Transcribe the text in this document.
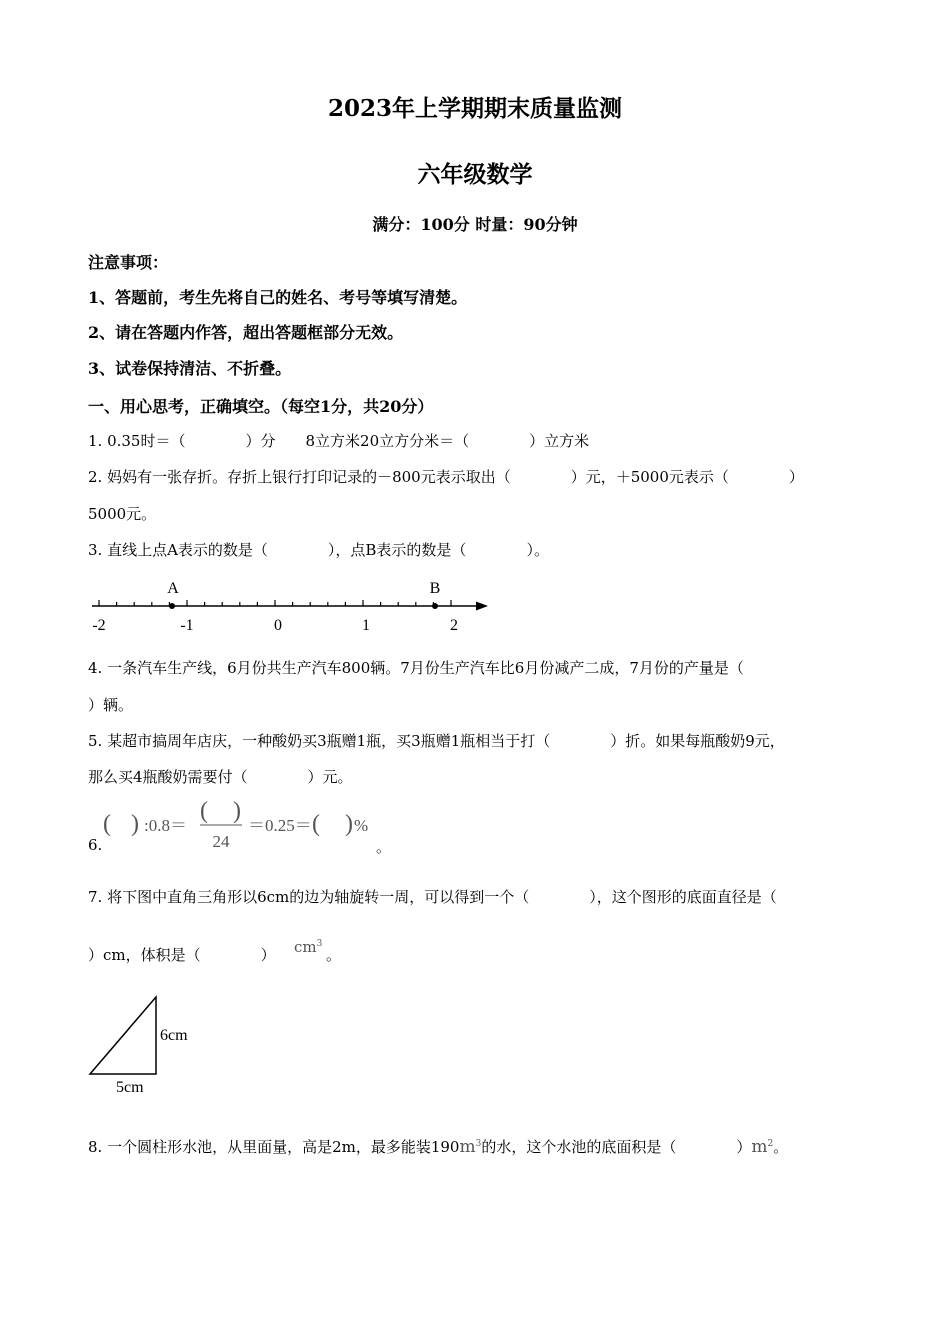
2023年上学期期末质量监测
六年级数学
满分：100分 时量：90分钟
注意事项：
1、答题前，考生先将自己的姓名、考号等填写清楚。
2、请在答题内作答，超出答题框部分无效。
3、试卷保持清洁、不折叠。
一、用心思考，正确填空。（每空1分，共20分）
1. 0.35时＝（　　　　）分　　8立方米20立方分米＝（　　　　）立方米
2. 妈妈有一张存折。存折上银行打印记录的－800元表示取出（　　　　）元，＋5000元表示（　　　　）
5000元。
3. 直线上点A表示的数是（　　　　），点B表示的数是（　　　　）。
A	B
-2	-1	0	1	2
4. 一条汽车生产线，6月份共生产汽车800辆。7月份生产汽车比6月份减产二成，7月份的产量是（
）辆。
5. 某超市搞周年店庆，一种酸奶买3瓶赠1瓶，买3瓶赠1瓶相当于打（　　　　）折。如果每瓶酸奶9元，
那么买4瓶酸奶需要付（　　　　）元。
6.
( ) :0.8＝
( )
24
＝0.25＝ ( ) %
。
7. 将下图中直角三角形以6cm的边为轴旋转一周，可以得到一个（　　　　），这个图形的底面直径是（
）cm，体积是（　　　　） $cm^3$
。
6cm
5cm
8. 一个圆柱形水池，从里面量，高是2m，最多能装$190m^3$的水，这个水池的底面积是（　　　　）$m^2$。
